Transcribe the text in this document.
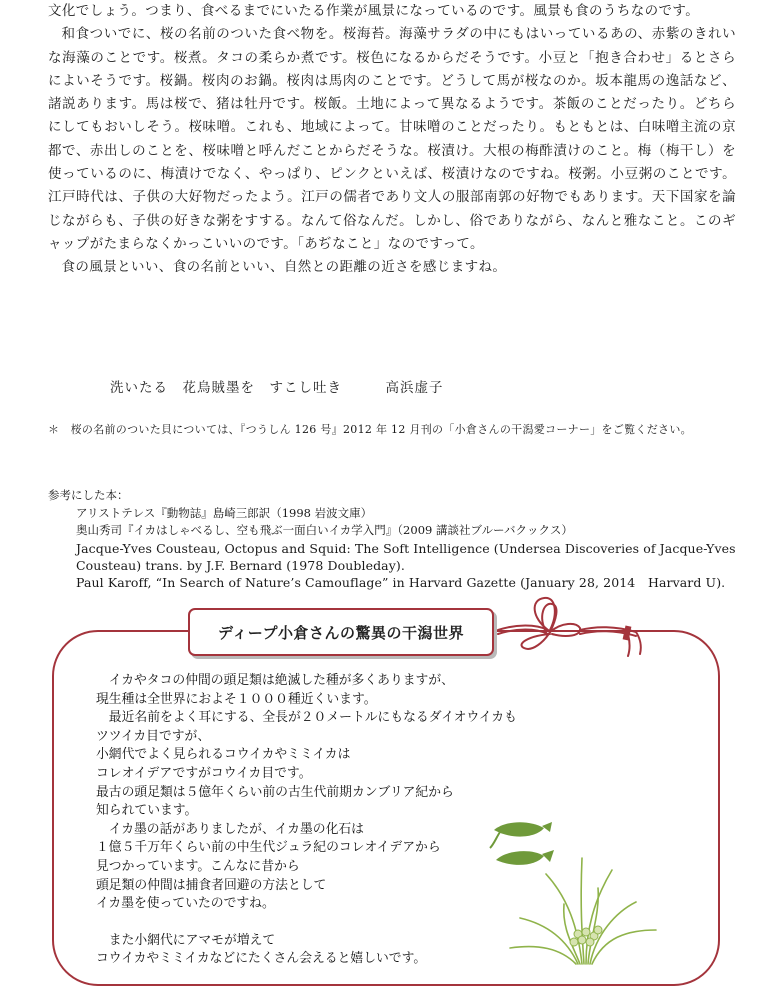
文化でしょう。つまり、食べるまでにいたる作業が風景になっているのです。風景も食のうちなのです。

和食ついでに、桜の名前のついた食べ物を。桜海苔。海藻サラダの中にもはいっているあの、赤紫のきれいな海藻のことです。桜煮。タコの柔らか煮です。桜色になるからだそうです。小豆と「抱き合わせ」るとさらによいそうです。桜鍋。桜肉のお鍋。桜肉は馬肉のことです。どうして馬が桜なのか。坂本龍馬の逸話など、諸説あります。馬は桜で、猪は牡丹です。桜飯。土地によって異なるようです。茶飯のことだったり。どちらにしてもおいしそう。桜味噌。これも、地域によって。甘味噌のことだったり。もともとは、白味噌主流の京都で、赤出しのことを、桜味噌と呼んだことからだそうな。桜漬け。大根の梅酢漬けのこと。梅（梅干し）を使っているのに、梅漬けでなく、やっぱり、ピンクといえば、桜漬けなのですね。桜粥。小豆粥のことです。江戸時代は、子供の大好物だったよう。江戸の儒者であり文人の服部南郭の好物でもあります。天下国家を論じながらも、子供の好きな粥をすする。なんて俗なんだ。しかし、俗でありながら、なんと雅なこと。このギャップがたまらなくかっこいいのです。「あぢなこと」なのですって。

食の風景といい、食の名前といい、自然との距離の近さを感じますね。

洗いたる　花烏賊墨を　すこし吐き　　　	高浜虚子
＊　桜の名前のついた貝については、『つうしん 126 号』2012 年 12 月刊の「小倉さんの干潟愛コーナー」をご覧ください。

参考にした本：

アリストテレス『動物誌』島崎三郎訳（1998 岩波文庫）
奥山秀司『イカはしゃべるし、空も飛ぶ一面白いイカ学入門』（2009 講談社ブルーバクックス）
Jacque-Yves Cousteau, Octopus and Squid: The Soft Intelligence (Undersea Discoveries of Jacque-Yves Cousteau) trans. by J.F. Bernard (1978 Doubleday).
Paul Karoff, “In Search of Nature’s Camouflage” in Harvard Gazette (January 28, 2014　Harvard U).
ディープ小倉さんの驚異の干潟世界

　イカやタコの仲間の頭足類は絶滅した種が多くありますが、

現生種は全世界におよそ１０００種近くいます。

　最近名前をよく耳にする、全長が２０メートルにもなるダイオウイカも

ツツイカ目ですが、

小網代でよく見られるコウイカやミミイカは

コレオイデアですがコウイカ目です。

最古の頭足類は５億年くらい前の古生代前期カンブリア紀から

知られています。

　イカ墨の話がありましたが、イカ墨の化石は

１億５千万年くらい前の中生代ジュラ紀のコレオイデアから

見つかっています。こんなに昔から

頭足類の仲間は捕食者回避の方法として

イカ墨を使っていたのですね。

　また小網代にアマモが増えて

コウイカやミミイカなどにたくさん会えると嬉しいです。
